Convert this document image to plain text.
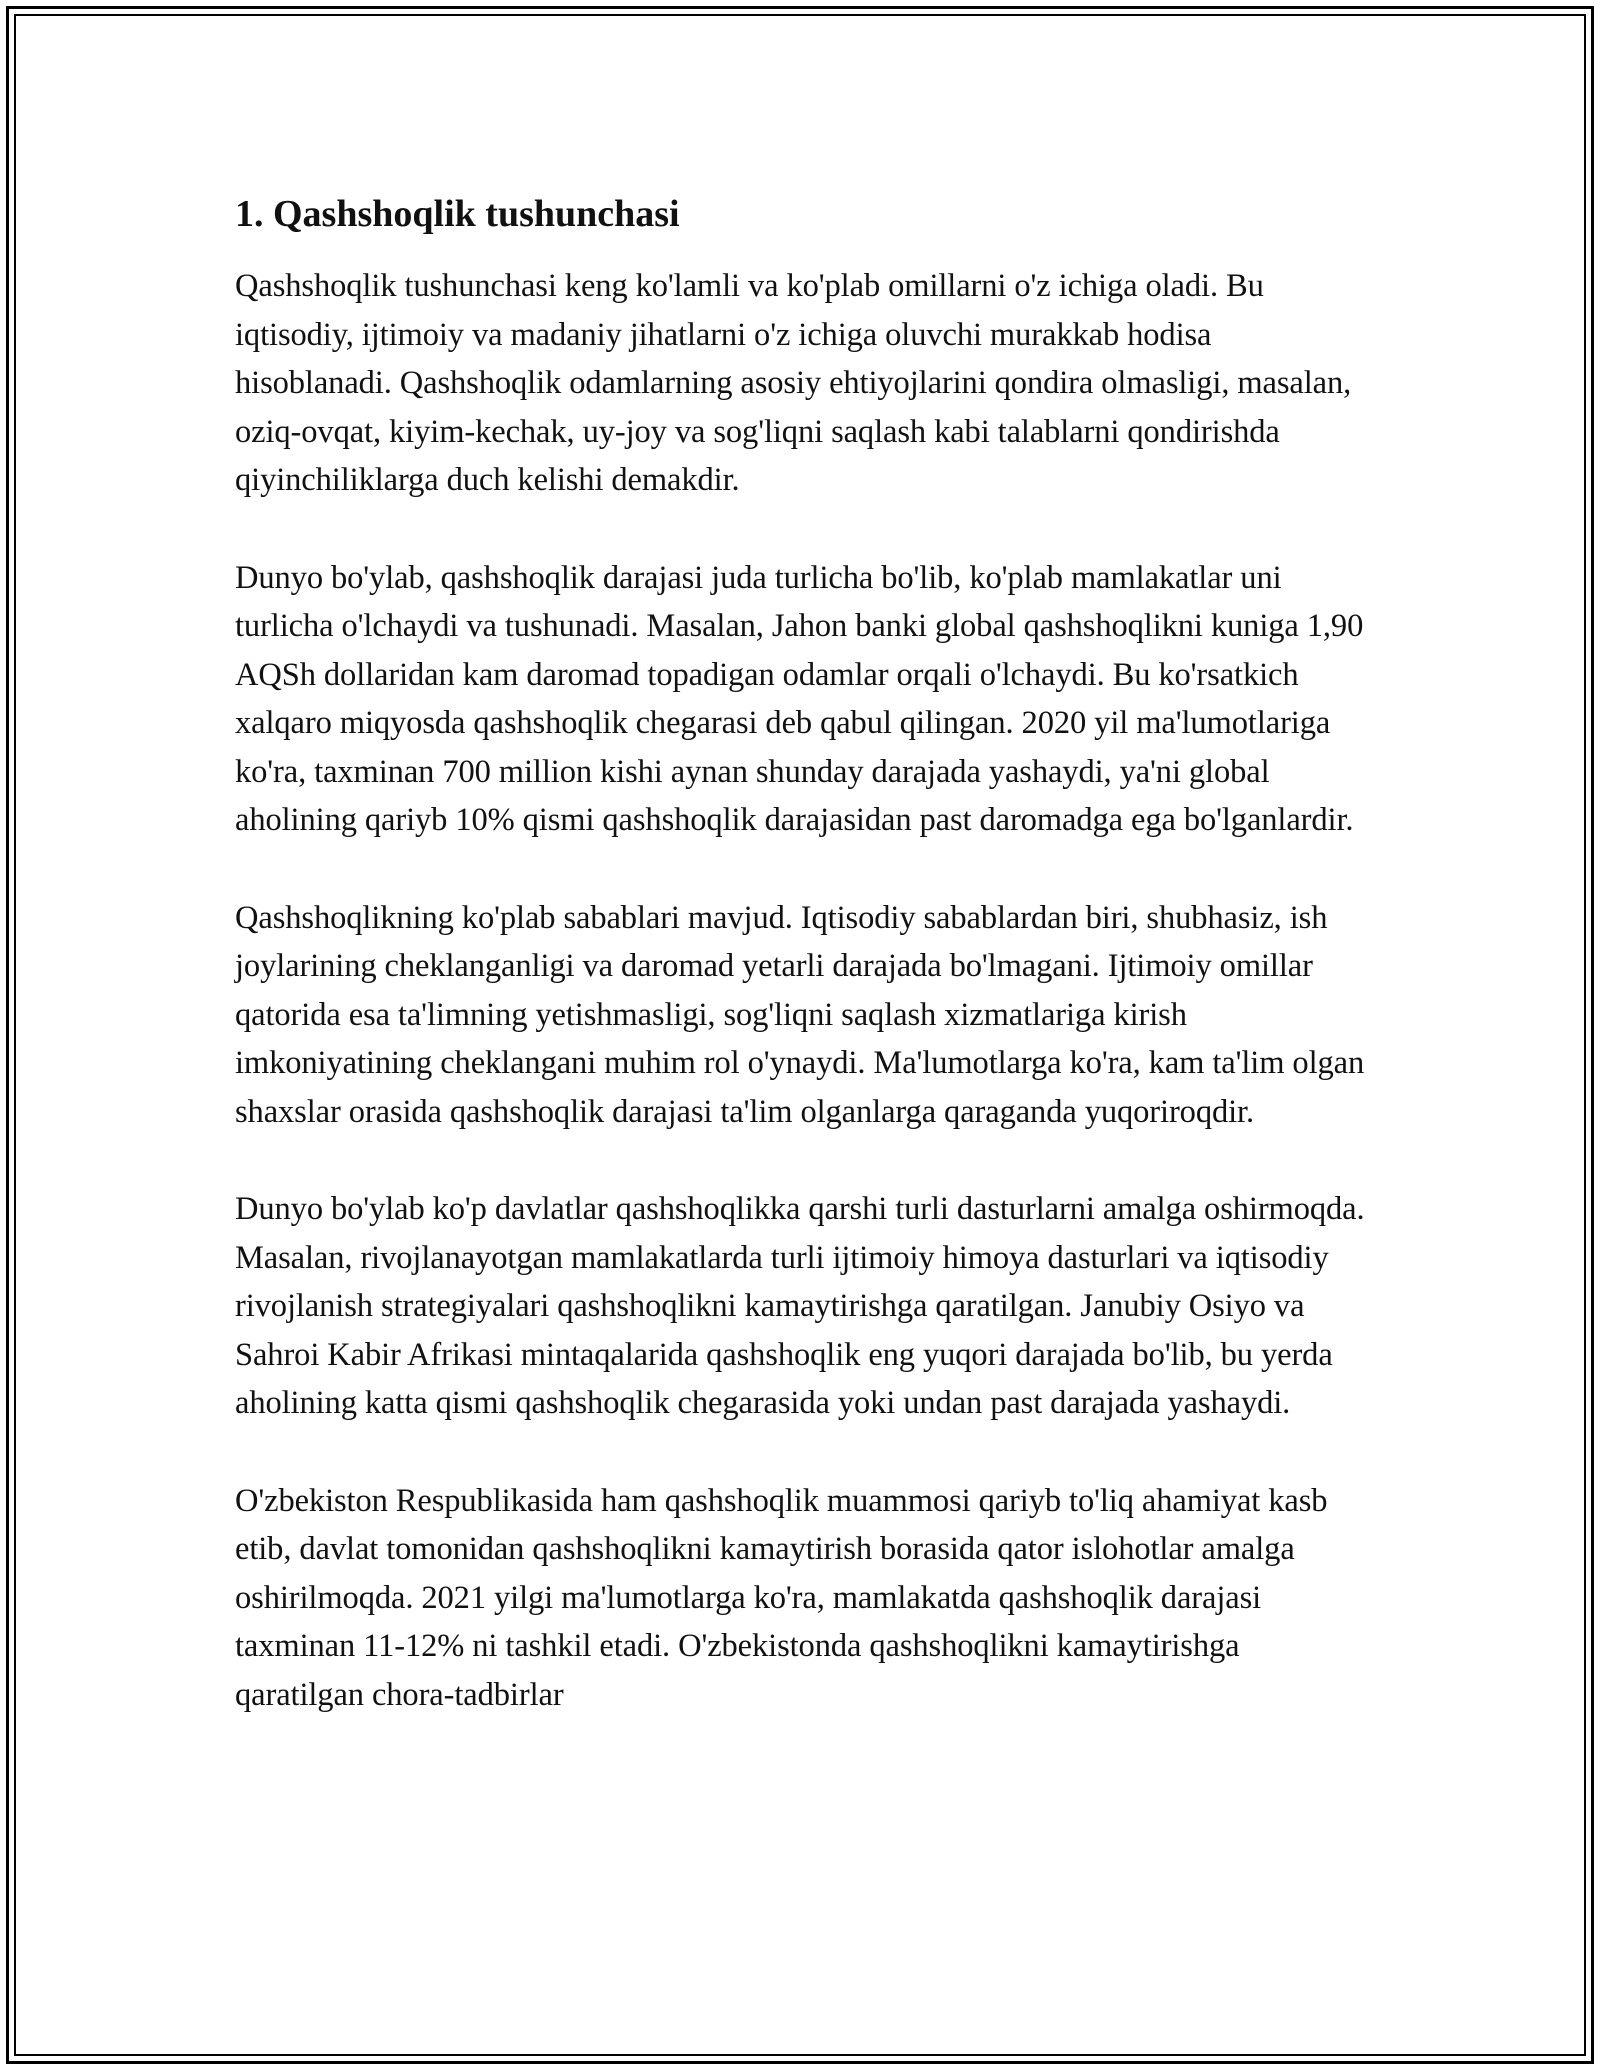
1. Qashshoqlik tushunchasi

Qashshoqlik tushunchasi keng ko'lamli va ko'plab omillarni o'z ichiga oladi. Bu iqtisodiy, ijtimoiy va madaniy jihatlarni o'z ichiga oluvchi murakkab hodisa hisoblanadi. Qashshoqlik odamlarning asosiy ehtiyojlarini qondira olmasligi, masalan, oziq-ovqat, kiyim-kechak, uy-joy va sog'liqni saqlash kabi talablarni qondirishda qiyinchiliklarga duch kelishi demakdir.

Dunyo bo'ylab, qashshoqlik darajasi juda turlicha bo'lib, ko'plab mamlakatlar uni turlicha o'lchaydi va tushunadi. Masalan, Jahon banki global qashshoqlikni kuniga 1,90 AQSh dollaridan kam daromad topadigan odamlar orqali o'lchaydi. Bu ko'rsatkich xalqaro miqyosda qashshoqlik chegarasi deb qabul qilingan. 2020 yil ma'lumotlariga ko'ra, taxminan 700 million kishi aynan shunday darajada yashaydi, ya'ni global aholining qariyb 10% qismi qashshoqlik darajasidan past daromadga ega bo'lganlardir.

Qashshoqlikning ko'plab sabablari mavjud. Iqtisodiy sabablardan biri, shubhasiz, ish joylarining cheklanganligi va daromad yetarli darajada bo'lmagani. Ijtimoiy omillar qatorida esa ta'limning yetishmasligi, sog'liqni saqlash xizmatlariga kirish imkoniyatining cheklangani muhim rol o'ynaydi. Ma'lumotlarga ko'ra, kam ta'lim olgan shaxslar orasida qashshoqlik darajasi ta'lim olganlarga qaraganda yuqoriroqdir.

Dunyo bo'ylab ko'p davlatlar qashshoqlikka qarshi turli dasturlarni amalga oshirmoqda. Masalan, rivojlanayotgan mamlakatlarda turli ijtimoiy himoya dasturlari va iqtisodiy rivojlanish strategiyalari qashshoqlikni kamaytirishga qaratilgan. Janubiy Osiyo va Sahroi Kabir Afrikasi mintaqalarida qashshoqlik eng yuqori darajada bo'lib, bu yerda aholining katta qismi qashshoqlik chegarasida yoki undan past darajada yashaydi.

O'zbekiston Respublikasida ham qashshoqlik muammosi qariyb to'liq ahamiyat kasb etib, davlat tomonidan qashshoqlikni kamaytirish borasida qator islohotlar amalga oshirilmoqda. 2021 yilgi ma'lumotlarga ko'ra, mamlakatda qashshoqlik darajasi taxminan 11-12% ni tashkil etadi. O'zbekistonda qashshoqlikni kamaytirishga qaratilgan chora-tadbirlar
